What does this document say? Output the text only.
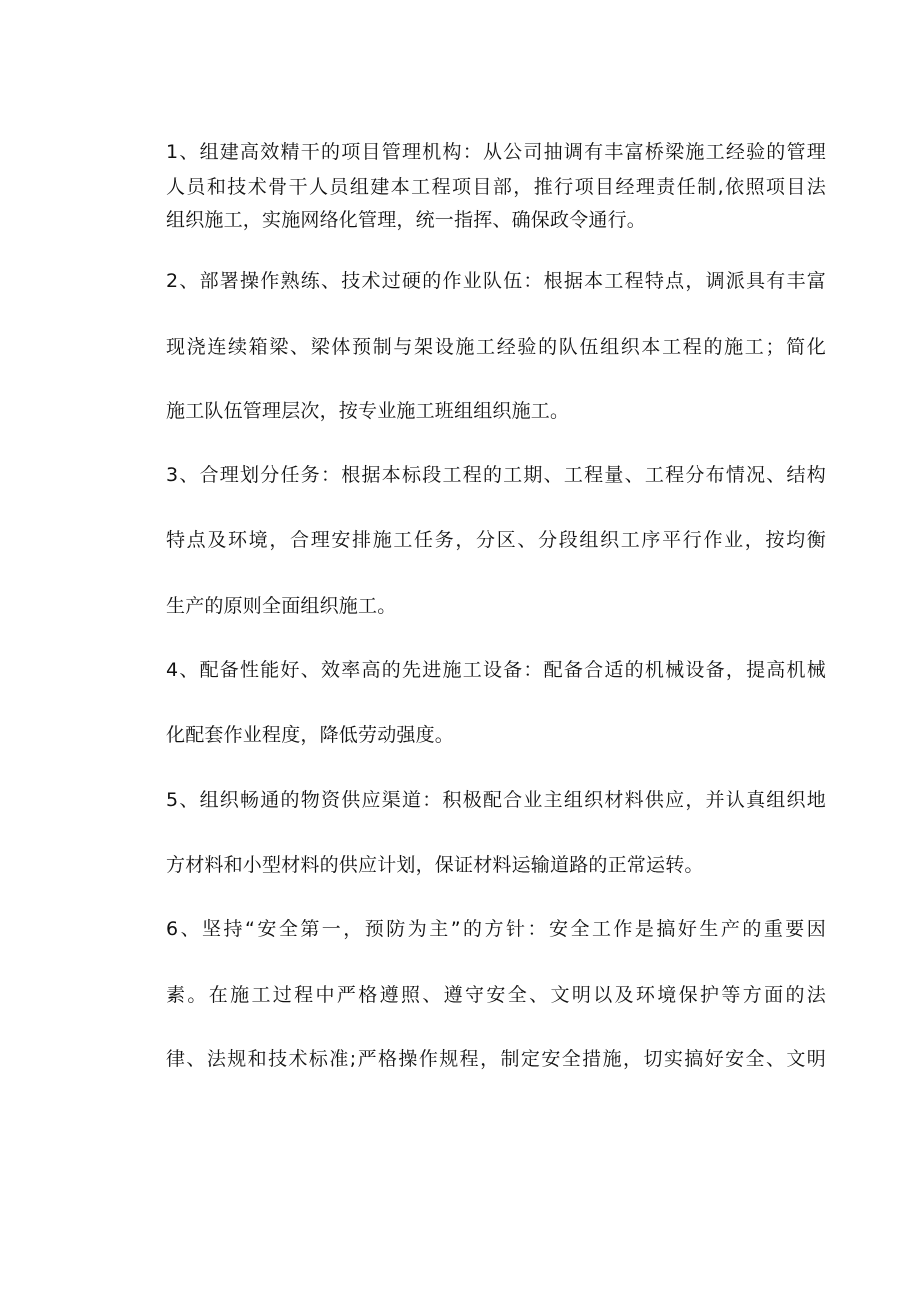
1、组建高效精干的项目管理机构：从公司抽调有丰富桥梁施工经验的管理
人员和技术骨干人员组建本工程项目部，推行项目经理责任制,依照项目法
组织施工，实施网络化管理，统一指挥、确保政令通行。
2、部署操作熟练、技术过硬的作业队伍：根据本工程特点，调派具有丰富
现浇连续箱梁、梁体预制与架设施工经验的队伍组织本工程的施工；简化
施工队伍管理层次，按专业施工班组组织施工。
3、合理划分任务：根据本标段工程的工期、工程量、工程分布情况、结构
特点及环境，合理安排施工任务，分区、分段组织工序平行作业，按均衡
生产的原则全面组织施工。
4、配备性能好、效率高的先进施工设备：配备合适的机械设备，提高机械
化配套作业程度，降低劳动强度。
5、组织畅通的物资供应渠道：积极配合业主组织材料供应，并认真组织地
方材料和小型材料的供应计划，保证材料运输道路的正常运转。
6、坚持“安全第一，预防为主”的方针：安全工作是搞好生产的重要因
素。在施工过程中严格遵照、遵守安全、文明以及环境保护等方面的法
律、法规和技术标准;严格操作规程，制定安全措施，切实搞好安全、文明
